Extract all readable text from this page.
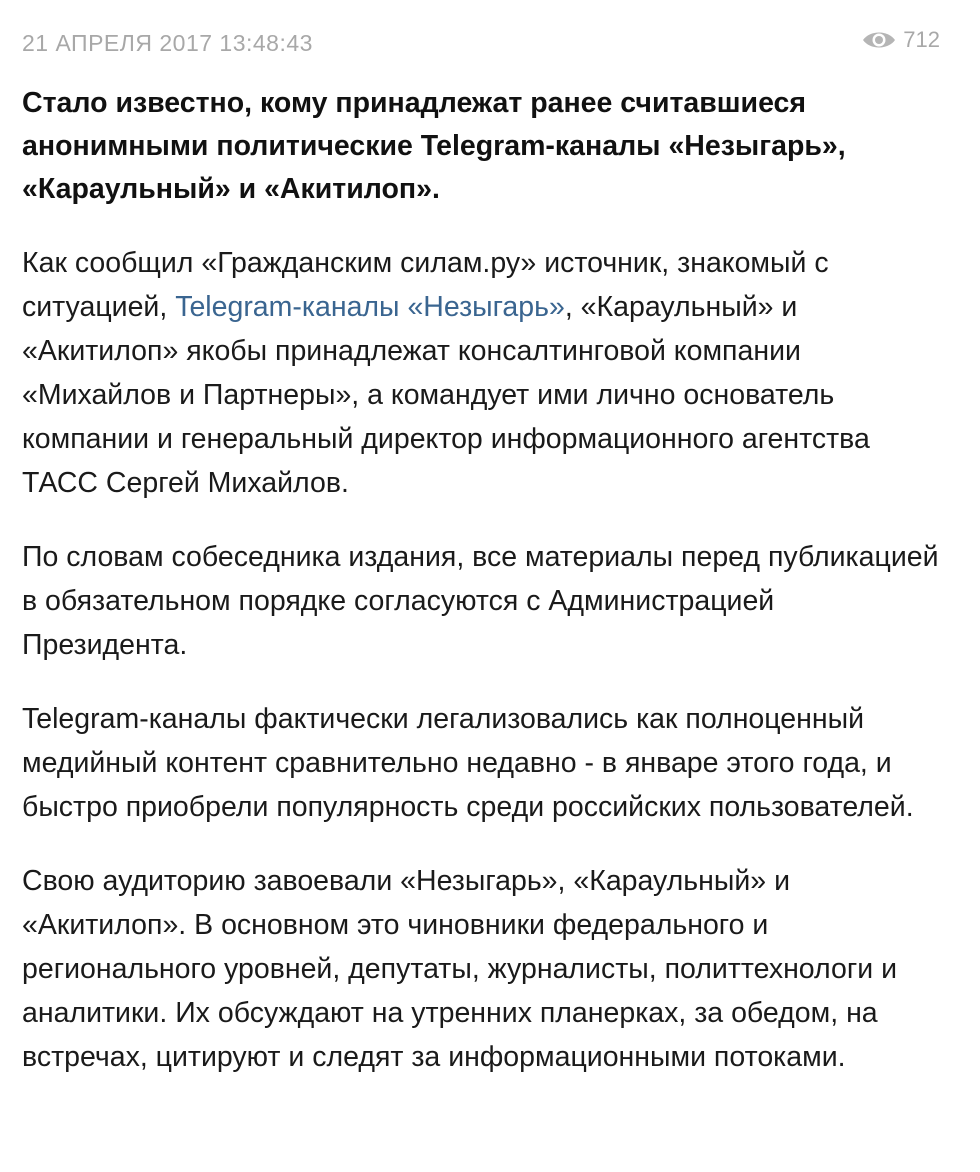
21 АПРЕЛЯ 2017 13:48:43	712

Стало известно, кому принадлежат ранее считавшиеся анонимными политические Telegram-каналы «Незыгарь», «Караульный» и «Акитилоп».

Как сообщил «Гражданским силам.ру» источник, знакомый с ситуацией, Telegram-каналы «Незыгарь», «Караульный» и «Акитилоп» якобы принадлежат консалтинговой компании «Михайлов и Партнеры», а командует ими лично основатель компании и генеральный директор информационного агентства ТАСС Сергей Михайлов.

По словам собеседника издания, все материалы перед публикацией в обязательном порядке согласуются с Администрацией Президента.

Telegram-каналы фактически легализовались как полноценный медийный контент сравнительно недавно - в январе этого года, и быстро приобрели популярность среди российских пользователей.

Свою аудиторию завоевали «Незыгарь», «Караульный» и «Акитилоп». В основном это чиновники федерального и регионального уровней, депутаты, журналисты, политтехнологи и аналитики. Их обсуждают на утренних планерках, за обедом, на встречах, цитируют и следят за информационными потоками.
